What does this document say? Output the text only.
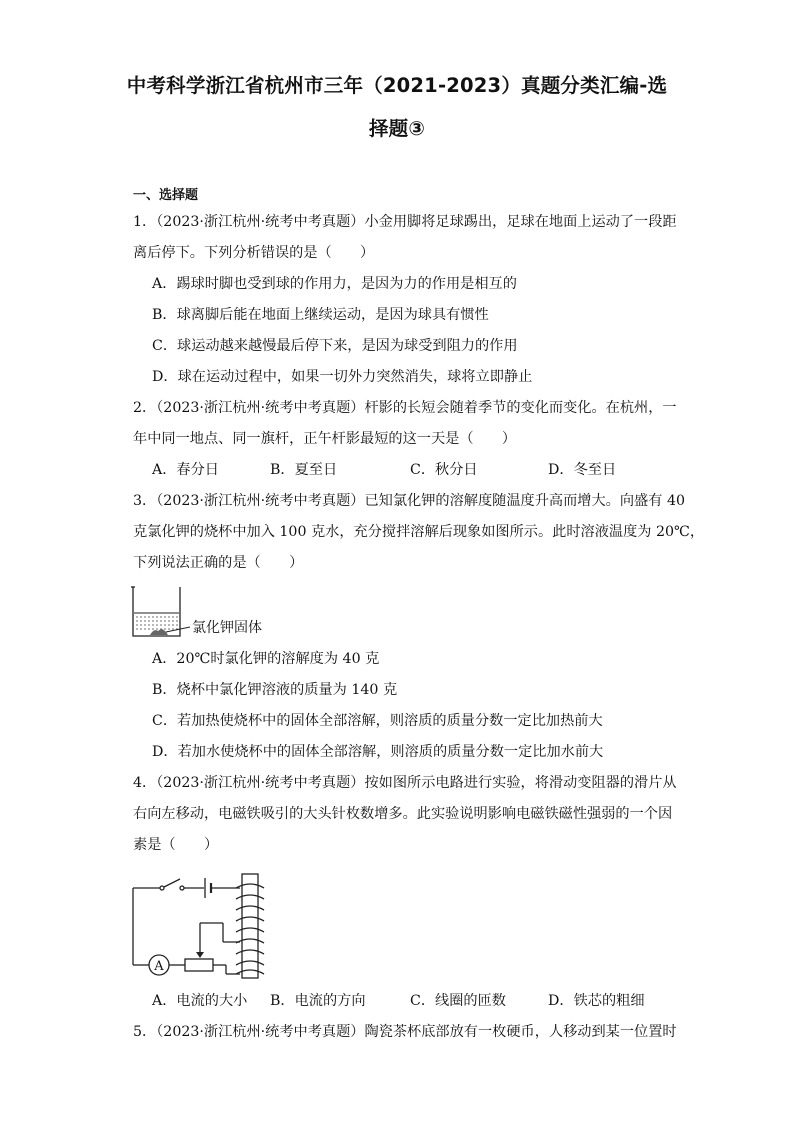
中考科学浙江省杭州市三年（2021-2023）真题分类汇编-选
择题③
一、选择题
1．（2023·浙江杭州·统考中考真题）小金用脚将足球踢出，足球在地面上运动了一段距
离后停下。下列分析错误的是（　　）
A．踢球时脚也受到球的作用力，是因为力的作用是相互的
B．球离脚后能在地面上继续运动，是因为球具有惯性
C．球运动越来越慢最后停下来，是因为球受到阻力的作用
D．球在运动过程中，如果一切外力突然消失，球将立即静止
2．（2023·浙江杭州·统考中考真题）杆影的长短会随着季节的变化而变化。在杭州，一
年中同一地点、同一旗杆，正午杆影最短的这一天是（　　）
A．春分日	B．夏至日	C．秋分日	D．冬至日
3．（2023·浙江杭州·统考中考真题）已知氯化钾的溶解度随温度升高而增大。向盛有 40
克氯化钾的烧杯中加入 100 克水，充分搅拌溶解后现象如图所示。此时溶液温度为 20℃，
下列说法正确的是（　　）
氯化钾固体
A．20℃时氯化钾的溶解度为 40 克
B．烧杯中氯化钾溶液的质量为 140 克
C．若加热使烧杯中的固体全部溶解，则溶质的质量分数一定比加热前大
D．若加水使烧杯中的固体全部溶解，则溶质的质量分数一定比加水前大
4．（2023·浙江杭州·统考中考真题）按如图所示电路进行实验，将滑动变阻器的滑片从
右向左移动，电磁铁吸引的大头针枚数增多。此实验说明影响电磁铁磁性强弱的一个因
素是（　　）
A
A．电流的大小 B．电流的方向	C．线圈的匝数	D．铁芯的粗细
5．（2023·浙江杭州·统考中考真题）陶瓷茶杯底部放有一枚硬币，人移动到某一位置时
